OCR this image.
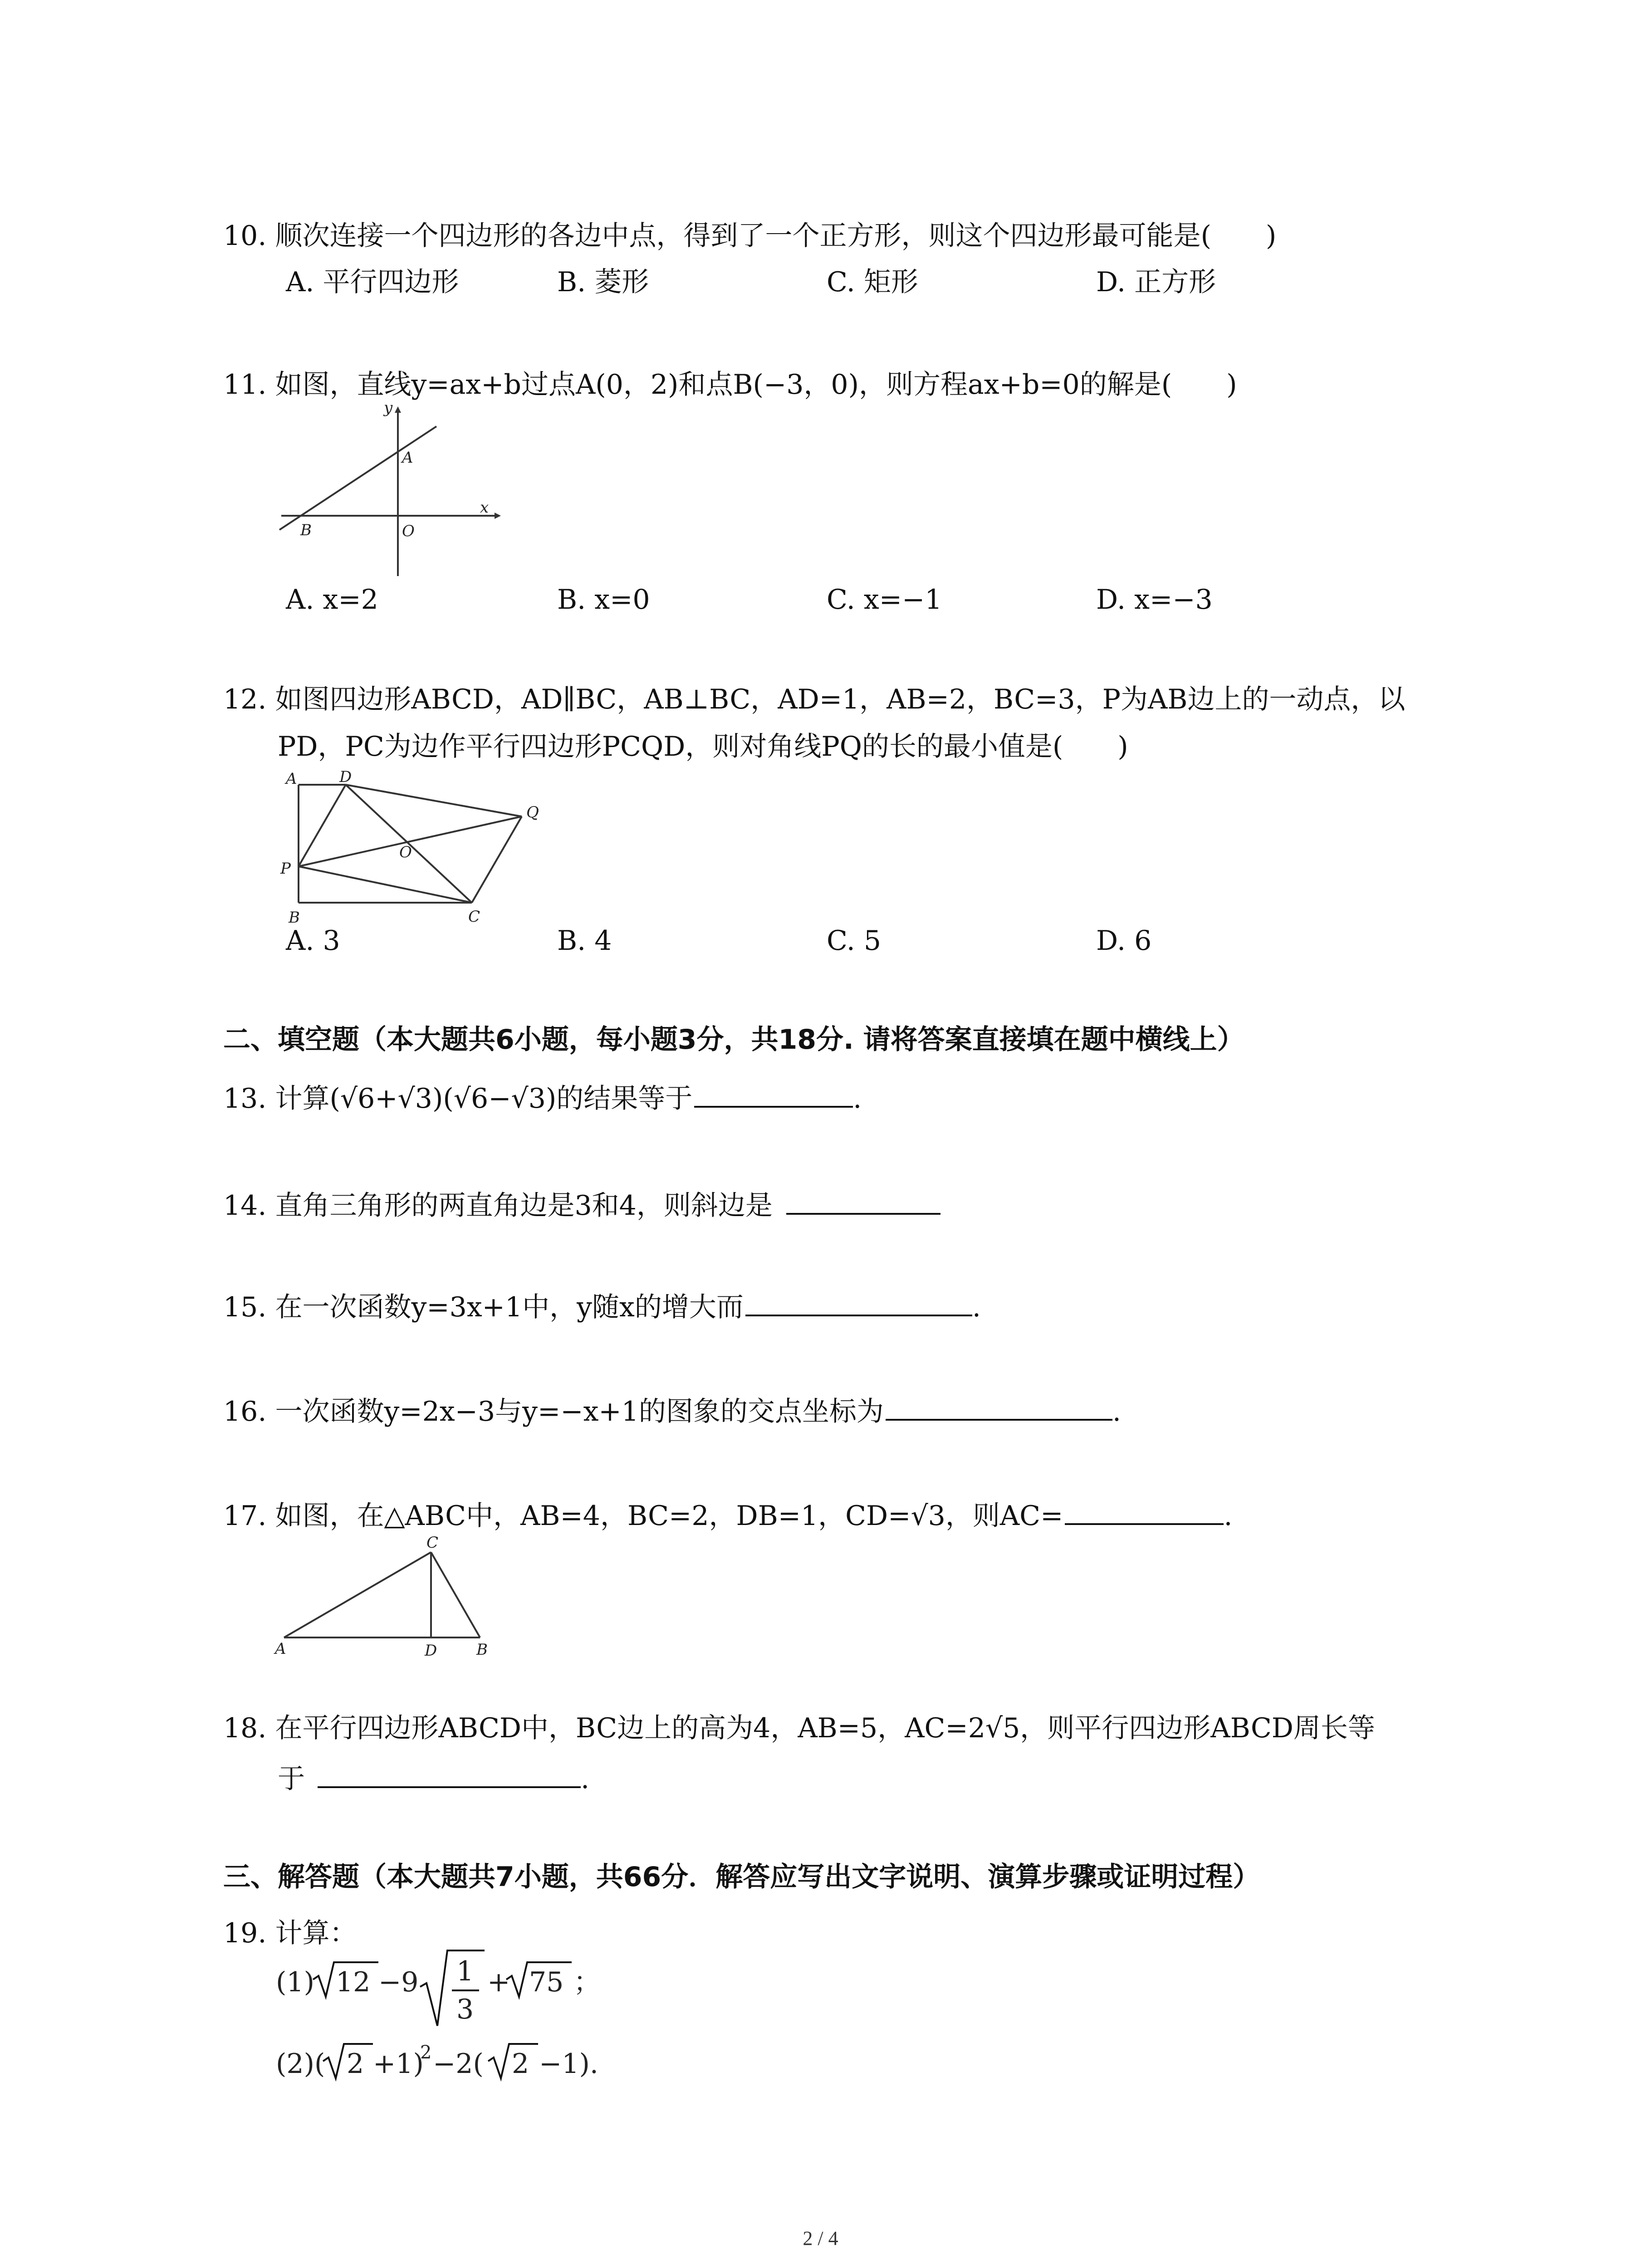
10. 顺次连接一个四边形的各边中点，得到了一个正方形，则这个四边形最可能是(　　)
A. 平行四边形	B. 菱形	C. 矩形	D. 正方形
11. 如图，直线y=ax+b过点A(0，2)和点B(−3，0)，则方程ax+b=0的解是(　　)
y
x
A
B	O
A. x=2	B. x=0	C. x=−1	D. x=−3
12. 如图四边形ABCD，AD∥BC，AB⊥BC，AD=1，AB=2，BC=3，P为AB边上的一动点，以
PD，PC为边作平行四边形PCQD，则对角线PQ的长的最小值是(　　)
A	D
Q
O
P
B	C
A. 3	B. 4	C. 5	D. 6
二、填空题（本大题共6小题，每小题3分，共18分. 请将答案直接填在题中横线上）
13. 计算(√6+√3)(√6−√3)的结果等于	.
14. 直角三角形的两直角边是3和4，则斜边是
15. 在一次函数y=3x+1中，y随x的增大而	.
16. 一次函数y=2x−3与y=−x+1的图象的交点坐标为	.
17. 如图，在△ABC中，AB=4，BC=2，DB=1，CD=√3，则AC=	.
C
A	D	B
18. 在平行四边形ABCD中，BC边上的高为4，AB=5，AC=2√5，则平行四边形ABCD周长等
于	.
三、解答题（本大题共7小题，共66分．解答应写出文字说明、演算步骤或证明过程）
19. 计算：
(1) 12 −9 1
3
+ 75 ；
(2)( 2 +1)
2 −2( 2 −1).
2 / 4
